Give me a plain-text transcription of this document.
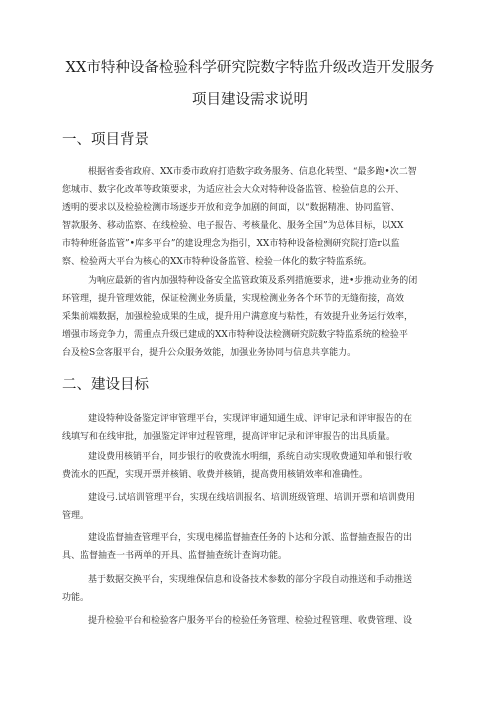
XX市特种设备检验科学研究院数字特监升级改造开发服务
项目建设需求说明
一、项目背景
根据省委省政府、XX市委市政府打造数字政务服务、信息化转型、“最多跑•次二智
您城市、数字化改革等政策要求，为适应社会大众对特种设备监管、检验信息的公开、
透明的要求以及检验检测市场逐步开放和竞争加剧的间面，以“数据精准、协同监管、
智款服务、移动监察、在线检验、电子报告、考核量化、服务全国”为总体目标，以XX
市特种班备监管”•库多平台”的建设理念为指引，XX市特种设备检测研究院打造r以监
察、检验两大平台为核心的XX市特种设备监管、检验一体化的数字特监系统。
为响应最新的省内加强特种设备安全监管政策及系列措施要求，进•步推动业务的闭
环管理，提升管理效能，保证检测业务质量，实现检测业务各个环节的无缝衔接，高效
采集前端数据，加强检验成果的生成，提升用户满意度与粘性，有效提升业务运行效率，
增强市场竞争力，需重点升级已建成的XX市特种设法检测研究院数字特监系统的检验平
台及检S佥客服平台，提升公众服务效能，加强业务协同与信息共享能力。
二、建设目标
建设特种设备鉴定评审管理平台，实现评审通知通生成、评审记录和评审报告的在
线填写和在线审批，加强鉴定评审过程管理，提高评审记录和评审报告的出具质量。
建设费用核销平台，同步银行的收费流水明细，系统自动实现收费通知单和银行收
费流水的匹配，实现开票并核销、收费并核销，提高费用核销效率和准确性。
建设弓.试培训管理平台，实现在线培训报名、培训班级管理、培训开票和培训费用
管理。
建设监督抽查管理平台，实现电梯监督抽查任务的卜达和分派、监督抽查报告的出
具、监督抽查一书两单的开具、监督抽查统计查询功能。
基于数据交换平台，实现维保信息和设备技术参数的部分字段自动推送和手动推送
功能。
提升检验平台和检验客户服务平台的检验任务管理、检验过程管理、收费管理、设
